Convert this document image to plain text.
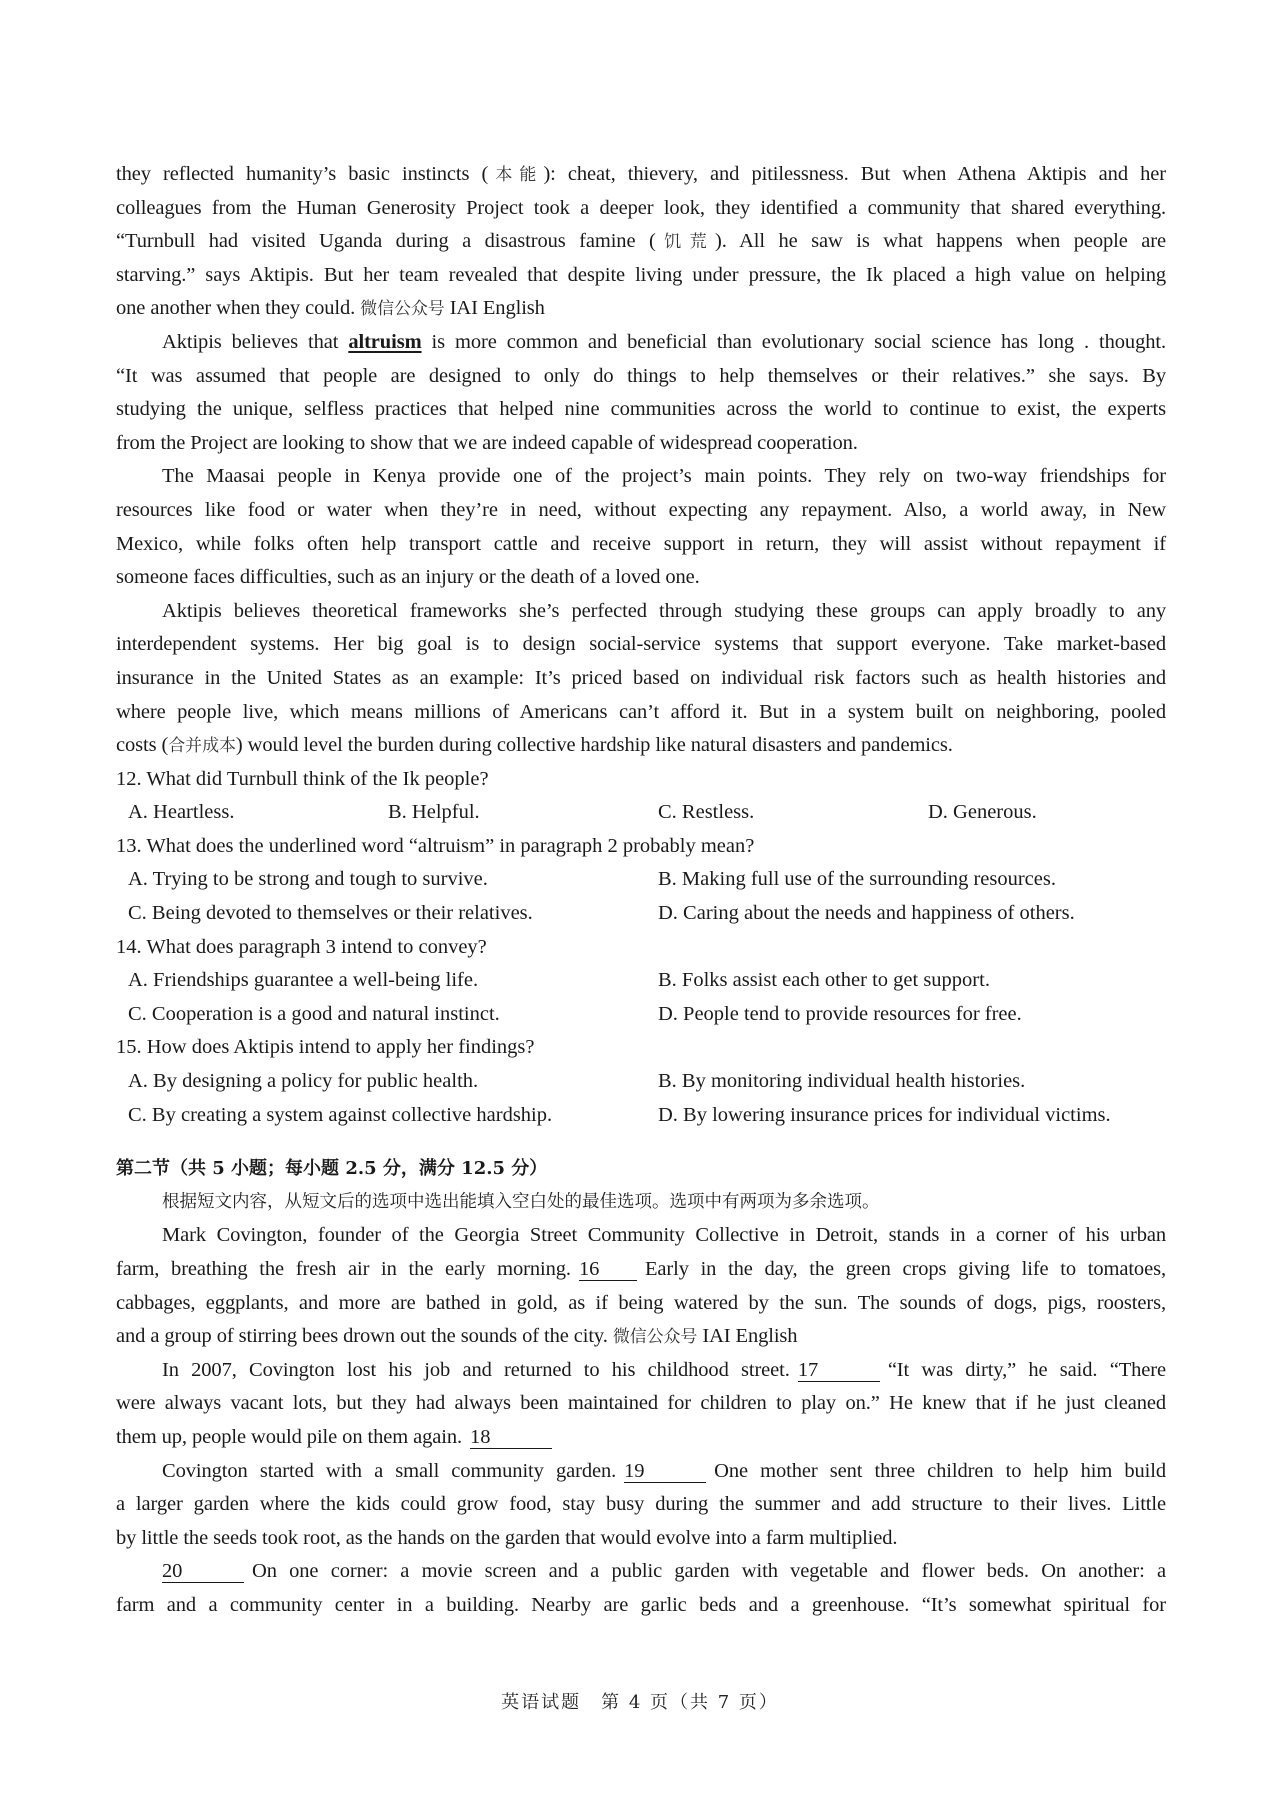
they reflected humanity’s basic instincts (本能): cheat, thievery, and pitilessness. But when Athena Aktipis and her
colleagues from the Human Generosity Project took a deeper look, they identified a community that shared everything.
“Turnbull had visited Uganda during a disastrous famine (饥荒). All he saw is what happens when people are
starving.” says Aktipis. But her team revealed that despite living under pressure, the Ik placed a high value on helping
one another when they could. 微信公众号 IAI English
Aktipis believes that altruism is more common and beneficial than evolutionary social science has long . thought.
“It was assumed that people are designed to only do things to help themselves or their relatives.” she says. By
studying the unique, selfless practices that helped nine communities across the world to continue to exist, the experts
from the Project are looking to show that we are indeed capable of widespread cooperation.
The Maasai people in Kenya provide one of the project’s main points. They rely on two-way friendships for
resources like food or water when they’re in need, without expecting any repayment. Also, a world away, in New
Mexico, while folks often help transport cattle and receive support in return, they will assist without repayment if
someone faces difficulties, such as an injury or the death of a loved one.
Aktipis believes theoretical frameworks she’s perfected through studying these groups can apply broadly to any
interdependent systems. Her big goal is to design social-service systems that support everyone. Take market-based
insurance in the United States as an example: It’s priced based on individual risk factors such as health histories and
where people live, which means millions of Americans can’t afford it. But in a system built on neighboring, pooled
costs (合并成本) would level the burden during collective hardship like natural disasters and pandemics.
12. What did Turnbull think of the Ik people?
A. Heartless.	B. Helpful.	C. Restless.	D. Generous.
13. What does the underlined word “altruism” in paragraph 2 probably mean?
A. Trying to be strong and tough to survive.	B. Making full use of the surrounding resources.
C. Being devoted to themselves or their relatives.	D. Caring about the needs and happiness of others.
14. What does paragraph 3 intend to convey?
A. Friendships guarantee a well-being life.	B. Folks assist each other to get support.
C. Cooperation is a good and natural instinct.	D. People tend to provide resources for free.
15. How does Aktipis intend to apply her findings?
A. By designing a policy for public health.	B. By monitoring individual health histories.
C. By creating a system against collective hardship.	D. By lowering insurance prices for individual victims.
第二节（共 5 小题；每小题 2.5 分，满分 12.5 分）
根据短文内容，从短文后的选项中选出能填入空白处的最佳选项。选项中有两项为多余选项。
Mark Covington, founder of the Georgia Street Community Collective in Detroit, stands in a corner of his urban
farm, breathing the fresh air in the early morning. 16 Early in the day, the green crops giving life to tomatoes,
cabbages, eggplants, and more are bathed in gold, as if being watered by the sun. The sounds of dogs, pigs, roosters,
and a group of stirring bees drown out the sounds of the city. 微信公众号 IAI English
In 2007, Covington lost his job and returned to his childhood street. 17	“It was dirty,” he said. “There
were always vacant lots, but they had always been maintained for children to play on.” He knew that if he just cleaned
them up, people would pile on them again. 18
Covington started with a small community garden. 19	One mother sent three children to help him build
a larger garden where the kids could grow food, stay busy during the summer and add structure to their lives. Little
by little the seeds took root, as the hands on the garden that would evolve into a farm multiplied.
20	On one corner: a movie screen and a public garden with vegetable and flower beds. On another: a
farm and a community center in a building. Nearby are garlic beds and a greenhouse. “It’s somewhat spiritual for
英语试题　第 4 页（共 7 页）
